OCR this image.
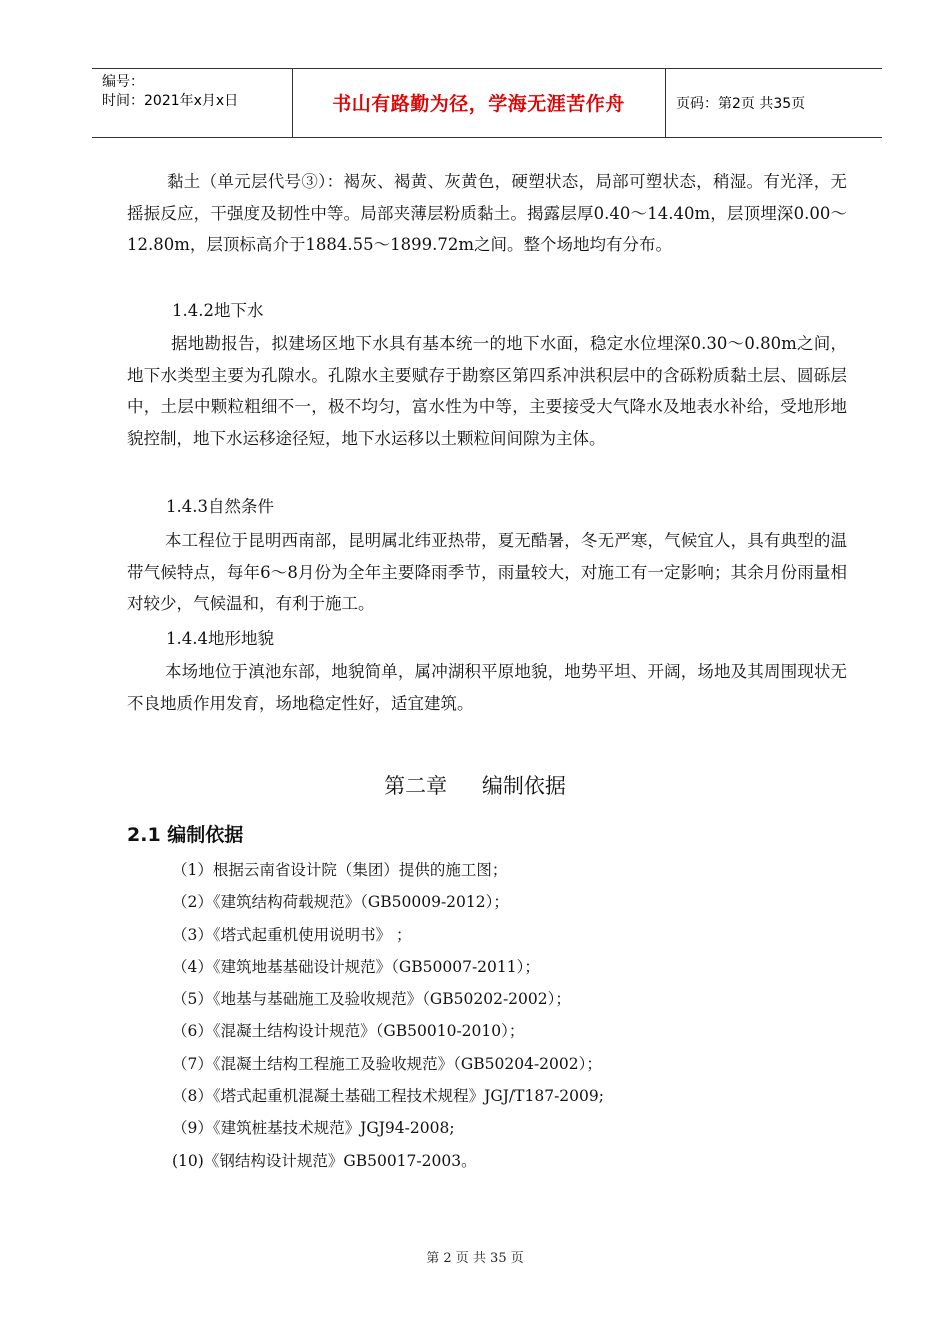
编号：
时间：2021年x月x日	书山有路勤为径，学海无涯苦作舟	页码：第2页 共35页

黏土（单元层代号③）：褐灰、褐黄、灰黄色，硬塑状态，局部可塑状态，稍湿。有光泽，无摇振反应，干强度及韧性中等。局部夹薄层粉质黏土。揭露层厚0.40～14.40m，层顶埋深0.00～12.80m，层顶标高介于1884.55～1899.72m之间。整个场地均有分布。

1.4.2地下水

据地勘报告，拟建场区地下水具有基本统一的地下水面，稳定水位埋深0.30～0.80m之间，地下水类型主要为孔隙水。孔隙水主要赋存于勘察区第四系冲洪积层中的含砾粉质黏土层、圆砾层中，土层中颗粒粗细不一，极不均匀，富水性为中等，主要接受大气降水及地表水补给，受地形地貌控制，地下水运移途径短，地下水运移以土颗粒间间隙为主体。

1.4.3自然条件

本工程位于昆明西南部，昆明属北纬亚热带，夏无酷暑，冬无严寒，气候宜人，具有典型的温带气候特点，每年6～8月份为全年主要降雨季节，雨量较大，对施工有一定影响；其余月份雨量相对较少，气候温和，有利于施工。

1.4.4地形地貌

本场地位于滇池东部，地貌简单，属冲湖积平原地貌，地势平坦、开阔，场地及其周围现状无不良地质作用发育，场地稳定性好，适宜建筑。

第二章 编制依据
2.1 编制依据
（1）根据云南省设计院（集团）提供的施工图；
（2）《建筑结构荷载规范》（GB50009-2012）；
（3）《塔式起重机使用说明书》 ；
（4）《建筑地基基础设计规范》（GB50007-2011）；
（5）《地基与基础施工及验收规范》（GB50202-2002）；
（6）《混凝土结构设计规范》（GB50010-2010）；
（7）《混凝土结构工程施工及验收规范》（GB50204-2002）；
（8）《塔式起重机混凝土基础工程技术规程》JGJ/T187-2009;
（9）《建筑桩基技术规范》JGJ94-2008;
(10)《钢结构设计规范》GB50017-2003。
第 2 页 共 35 页
